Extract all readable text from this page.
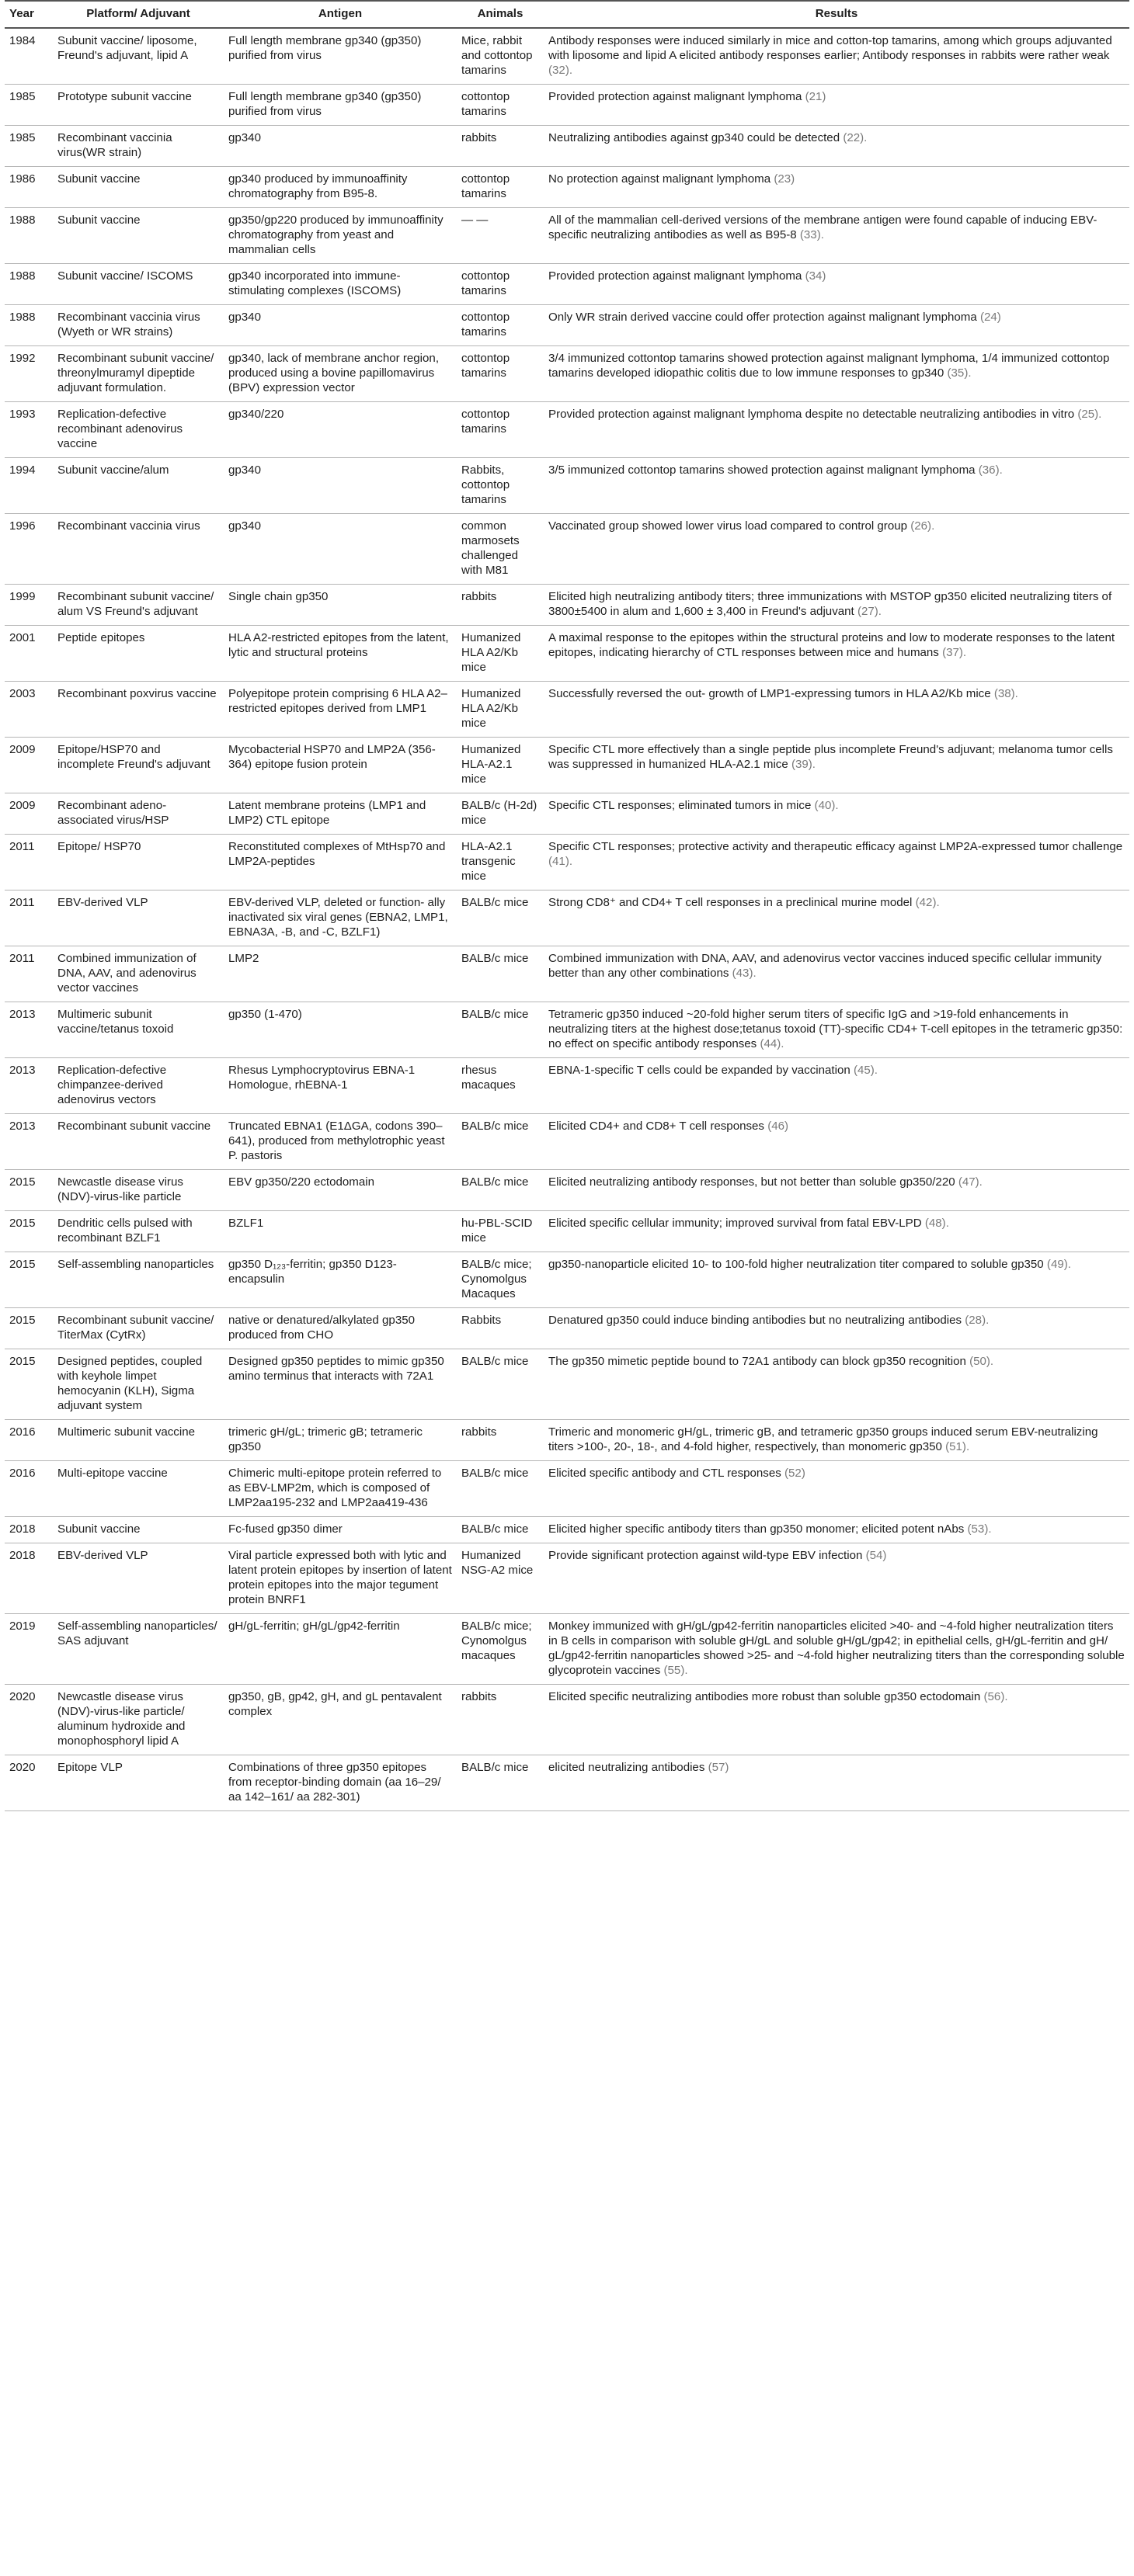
Year	Platform/ Adjuvant	Antigen	Animals	Results
1984	Subunit vaccine/ liposome, Freund's adjuvant, lipid A	Full length membrane gp340 (gp350) purified from virus	Mice, rabbit and cottontop tamarins	Antibody responses were induced similarly in mice and cotton-top tamarins, among which groups adjuvanted with liposome and lipid A elicited antibody responses earlier; Antibody responses in rabbits were rather weak (32).
1985	Prototype subunit vaccine	Full length membrane gp340 (gp350) purified from virus	cottontop tamarins	Provided protection against malignant lymphoma (21)
1985	Recombinant vaccinia virus(WR strain)	gp340	rabbits	Neutralizing antibodies against gp340 could be detected (22).
1986	Subunit vaccine	gp340 produced by immunoaffinity chromatography from B95-8.	cottontop tamarins	No protection against malignant lymphoma (23)
1988	Subunit vaccine	gp350/gp220 produced by immunoaffinity chromatography from yeast and mammalian cells	— —	All of the mammalian cell-derived versions of the membrane antigen were found capable of inducing EBV-specific neutralizing antibodies as well as B95-8 (33).
1988	Subunit vaccine/ ISCOMS	gp340 incorporated into immune-stimulating complexes (ISCOMS)	cottontop tamarins	Provided protection against malignant lymphoma (34)
1988	Recombinant vaccinia virus (Wyeth or WR strains)	gp340	cottontop tamarins	Only WR strain derived vaccine could offer protection against malignant lymphoma (24)
1992	Recombinant subunit vaccine/ threonylmuramyl dipeptide adjuvant formulation.	gp340, lack of membrane anchor region, produced using a bovine papillomavirus (BPV) expression vector	cottontop tamarins	3/4 immunized cottontop tamarins showed protection against malignant lymphoma, 1/4 immunized cottontop tamarins developed idiopathic colitis due to low immune responses to gp340 (35).
1993	Replication-defective recombinant adenovirus vaccine	gp340/220	cottontop tamarins	Provided protection against malignant lymphoma despite no detectable neutralizing antibodies in vitro (25).
1994	Subunit vaccine/alum	gp340	Rabbits, cottontop tamarins	3/5 immunized cottontop tamarins showed protection against malignant lymphoma (36).
1996	Recombinant vaccinia virus	gp340	common marmosets challenged with M81	Vaccinated group showed lower virus load compared to control group (26).
1999	Recombinant subunit vaccine/ alum VS Freund's adjuvant	Single chain gp350	rabbits	Elicited high neutralizing antibody titers; three immunizations with MSTOP gp350 elicited neutralizing titers of 3800±5400 in alum and 1,600 ± 3,400 in Freund's adjuvant (27).
2001	Peptide epitopes	HLA A2-restricted epitopes from the latent, lytic and structural proteins	Humanized HLA A2/Kb mice	A maximal response to the epitopes within the structural proteins and low to moderate responses to the latent epitopes, indicating hierarchy of CTL responses between mice and humans (37).
2003	Recombinant poxvirus vaccine	Polyepitope protein comprising 6 HLA A2–restricted epitopes derived from LMP1	Humanized HLA A2/Kb mice	Successfully reversed the out- growth of LMP1-expressing tumors in HLA A2/Kb mice (38).
2009	Epitope/HSP70 and incomplete Freund's adjuvant	Mycobacterial HSP70 and LMP2A (356-364) epitope fusion protein	Humanized HLA-A2.1 mice	Specific CTL more effectively than a single peptide plus incomplete Freund's adjuvant; melanoma tumor cells was suppressed in humanized HLA-A2.1 mice (39).
2009	Recombinant adeno-associated virus/HSP	Latent membrane proteins (LMP1 and LMP2) CTL epitope	BALB/c (H-2d) mice	Specific CTL responses; eliminated tumors in mice (40).
2011	Epitope/ HSP70	Reconstituted complexes of MtHsp70 and LMP2A-peptides	HLA-A2.1 transgenic mice	Specific CTL responses; protective activity and therapeutic efficacy against LMP2A-expressed tumor challenge (41).
2011	EBV-derived VLP	EBV-derived VLP, deleted or function- ally inactivated six viral genes (EBNA2, LMP1, EBNA3A, -B, and -C, BZLF1)	BALB/c mice	Strong CD8⁺ and CD4+ T cell responses in a preclinical murine model (42).
2011	Combined immunization of DNA, AAV, and adenovirus vector vaccines	LMP2	BALB/c mice	Combined immunization with DNA, AAV, and adenovirus vector vaccines induced specific cellular immunity better than any other combinations (43).
2013	Multimeric subunit vaccine/tetanus toxoid	gp350 (1-470)	BALB/c mice	Tetrameric gp350 induced ~20-fold higher serum titers of specific IgG and >19-fold enhancements in neutralizing titers at the highest dose;tetanus toxoid (TT)-specific CD4+ T-cell epitopes in the tetrameric gp350: no effect on specific antibody responses (44).
2013	Replication-defective chimpanzee-derived adenovirus vectors	Rhesus Lymphocryptovirus EBNA-1 Homologue, rhEBNA-1	rhesus macaques	EBNA-1-specific T cells could be expanded by vaccination (45).
2013	Recombinant subunit vaccine	Truncated EBNA1 (E1ΔGA, codons 390–641), produced from methylotrophic yeast P. pastoris	BALB/c mice	Elicited CD4+ and CD8+ T cell responses (46)
2015	Newcastle disease virus (NDV)-virus-like particle	EBV gp350/220 ectodomain	BALB/c mice	Elicited neutralizing antibody responses, but not better than soluble gp350/220 (47).
2015	Dendritic cells pulsed with recombinant BZLF1	BZLF1	hu-PBL-SCID mice	Elicited specific cellular immunity; improved survival from fatal EBV-LPD (48).
2015	Self-assembling nanoparticles	gp350 D₁₂₃-ferritin; gp350 D123- encapsulin	BALB/c mice; Cynomolgus Macaques	gp350-nanoparticle elicited 10- to 100-fold higher neutralization titer compared to soluble gp350 (49).
2015	Recombinant subunit vaccine/ TiterMax (CytRx)	native or denatured/alkylated gp350 produced from CHO	Rabbits	Denatured gp350 could induce binding antibodies but no neutralizing antibodies (28).
2015	Designed peptides, coupled with keyhole limpet hemocyanin (KLH), Sigma adjuvant system	Designed gp350 peptides to mimic gp350 amino terminus that interacts with 72A1	BALB/c mice	The gp350 mimetic peptide bound to 72A1 antibody can block gp350 recognition (50).
2016	Multimeric subunit vaccine	trimeric gH/gL; trimeric gB; tetrameric gp350	rabbits	Trimeric and monomeric gH/gL, trimeric gB, and tetrameric gp350 groups induced serum EBV-neutralizing titers >100-, 20-, 18-, and 4-fold higher, respectively, than monomeric gp350 (51).
2016	Multi-epitope vaccine	Chimeric multi-epitope protein referred to as EBV-LMP2m, which is composed of LMP2aa195-232 and LMP2aa419-436	BALB/c mice	Elicited specific antibody and CTL responses (52)
2018	Subunit vaccine	Fc-fused gp350 dimer	BALB/c mice	Elicited higher specific antibody titers than gp350 monomer; elicited potent nAbs (53).
2018	EBV-derived VLP	Viral particle expressed both with lytic and latent protein epitopes by insertion of latent protein epitopes into the major tegument protein BNRF1	Humanized NSG-A2 mice	Provide significant protection against wild-type EBV infection (54)
2019	Self-assembling nanoparticles/ SAS adjuvant	gH/gL-ferritin; gH/gL/gp42-ferritin	BALB/c mice; Cynomolgus macaques	Monkey immunized with gH/gL/gp42-ferritin nanoparticles elicited >40- and ~4-fold higher neutralization titers in B cells in comparison with soluble gH/gL and soluble gH/gL/gp42; in epithelial cells, gH/gL-ferritin and gH/ gL/gp42-ferritin nanoparticles showed >25- and ~4-fold higher neutralizing titers than the corresponding soluble glycoprotein vaccines (55).
2020	Newcastle disease virus (NDV)-virus-like particle/ aluminum hydroxide and monophosphoryl lipid A	gp350, gB, gp42, gH, and gL pentavalent complex	rabbits	Elicited specific neutralizing antibodies more robust than soluble gp350 ectodomain (56).
2020	Epitope VLP	Combinations of three gp350 epitopes from receptor-binding domain (aa 16–29/ aa 142–161/ aa 282-301)	BALB/c mice	elicited neutralizing antibodies (57)
